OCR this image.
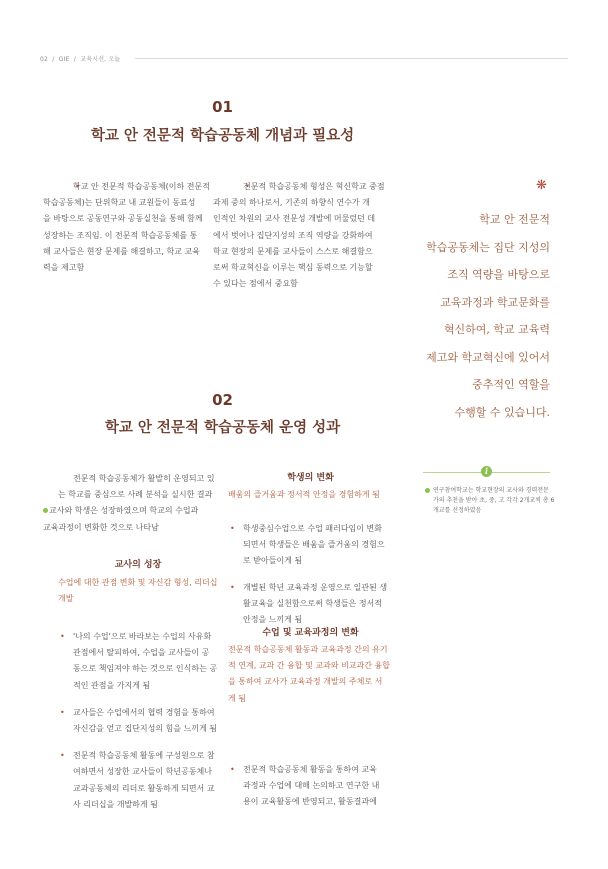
02 / GIE / 교육시선, 오늘
01
학교 안 전문적 학습공동체 개념과 필요성
• 학교 안 전문적 학습공동체(이하 전문적
학습공동체)는 단위학교 내 교원들이 동료성
을 바탕으로 공동연구와 공동실천을 통해 함께
성장하는 조직임. 이 전문적 학습공동체를 통
해 교사들은 현장 문제를 해결하고, 학교 교육
력을 제고함
• 전문적 학습공동체 형성은 혁신학교 중점
과제 중의 하나로서, 기존의 하향식 연수가 개
인적인 차원의 교사 전문성 개발에 머물렀던 데
에서 벗어나 집단지성의 조직 역량을 강화하여
학교 현장의 문제를 교사들이 스스로 해결함으
로써 학교혁신을 이루는 핵심 동력으로 기능할
수 있다는 점에서 중요함
❋
학교 안 전문적
학습공동체는 집단 지성의
조직 역량을 바탕으로
교육과정과 학교문화를
혁신하여, 학교 교육력
제고와 학교혁신에 있어서
중추적인 역할을
수행할 수 있습니다.
02
학교 안 전문적 학습공동체 운영 성과
전문적 학습공동체가 활발히 운영되고 있
는 학교를 중심으로 사례 분석을 실시한 결과
교사와 학생은 성장하였으며 학교의 수업과
교육과정이 변화한 것으로 나타남
교사의 성장
수업에 대한 관점 변화 및 자신감 형성, 리더십
개발
• '나의 수업'으로 바라보는 수업의 사유화
관점에서 탈피하여, 수업을 교사들이 공
동으로 책임져야 하는 것으로 인식하는 공
적인 관점을 가지게 됨
• 교사들은 수업에서의 협력 경험을 통하여
자신감을 얻고 집단지성의 힘을 느끼게 됨
• 전문적 학습공동체 활동에 구성원으로 참
여하면서 성장한 교사들이 학년공동체나
교과공동체의 리더로 활동하게 되면서 교
사 리더십을 개발하게 됨
학생의 변화
배움의 즐거움과 정서적 안정을 경험하게 됨
• 학생중심수업으로 수업 패러다임이 변화
되면서 학생들은 배움을 즐거움의 경험으
로 받아들이게 됨
• 개별된 학년 교육과정 운영으로 일관된 생
활교육을 실천함으로써 학생들은 정서적
안정을 느끼게 됨
수업 및 교육과정의 변화
전문적 학습공동체 활동과 교육과정 간의 유기
적 연계, 교과 간 융합 및 교과와 비교과간 융합
을 통하여 교사가 교육과정 개발의 주체로 서
게 됨
• 전문적 학습공동체 활동을 통하여 교육
과정과 수업에 대해 논의하고 연구한 내
용이 교육활동에 반영되고, 활동결과에
i
연구참여학교는 학교현장의 교사와 경력전문
가의 추천을 받아 초, 중, 고 각각 2개교씩 총 6
개교를 선정하였음
